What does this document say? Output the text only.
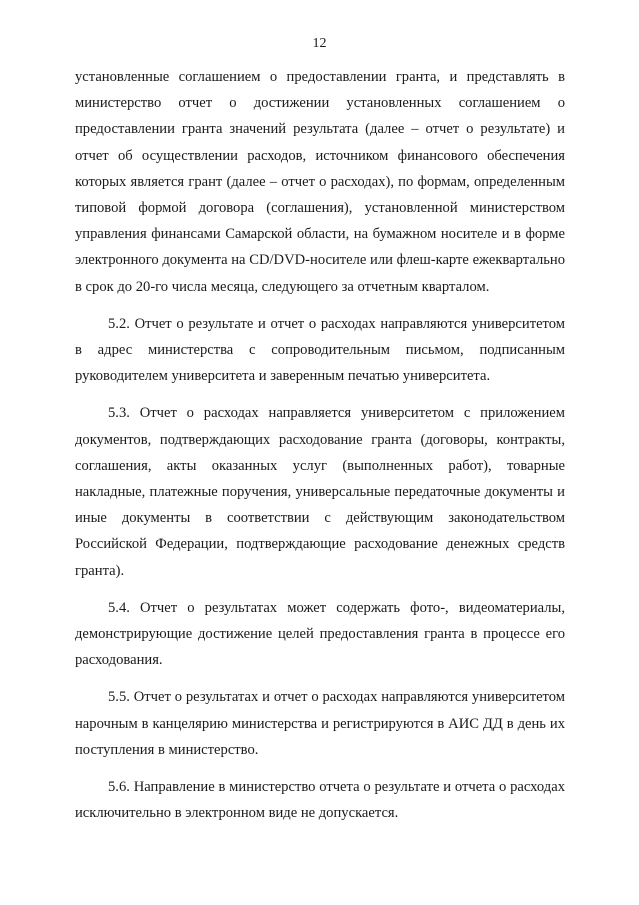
12

установленные соглашением о предоставлении гранта, и представлять в министерство отчет о достижении установленных соглашением о предоставлении гранта значений результата (далее – отчет о результате) и отчет об осуществлении расходов, источником финансового обеспечения которых является грант (далее – отчет о расходах), по формам, определенным типовой формой договора (соглашения), установленной министерством управления финансами Самарской области, на бумажном носителе и в форме электронного документа на CD/DVD-носителе или флеш-карте ежеквартально в срок до 20-го числа месяца, следующего за отчетным кварталом.

5.2. Отчет о результате и отчет о расходах направляются университетом в адрес министерства с сопроводительным письмом, подписанным руководителем университета и заверенным печатью университета.

5.3. Отчет о расходах направляется университетом с приложением документов, подтверждающих расходование гранта (договоры, контракты, соглашения, акты оказанных услуг (выполненных работ), товарные накладные, платежные поручения, универсальные передаточные документы и иные документы в соответствии с действующим законодательством Российской Федерации, подтверждающие расходование денежных средств гранта).

5.4. Отчет о результатах может содержать фото-, видеоматериалы, демонстрирующие достижение целей предоставления гранта в процессе его расходования.

5.5. Отчет о результатах и отчет о расходах направляются университетом нарочным в канцелярию министерства и регистрируются в АИС ДД в день их поступления в министерство.

5.6. Направление в министерство отчета о результате и отчета о расходах исключительно в электронном виде не допускается.
